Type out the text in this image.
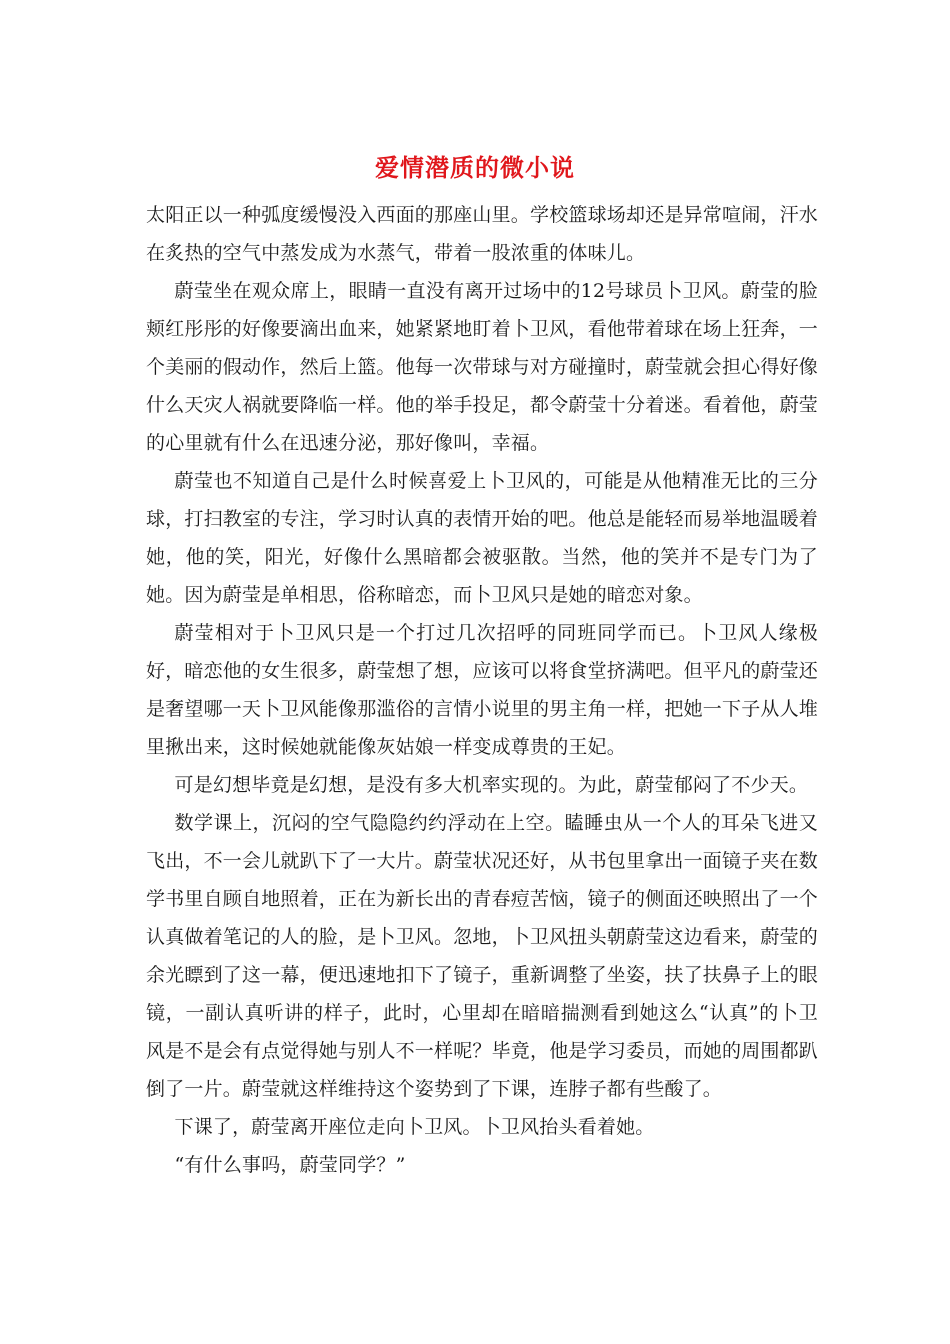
爱情潜质的微小说

太阳正以一种弧度缓慢没入西面的那座山里。学校篮球场却还是异常喧闹，汗水在炙热的空气中蒸发成为水蒸气，带着一股浓重的体味儿。

蔚莹坐在观众席上，眼睛一直没有离开过场中的12号球员卜卫风。蔚莹的脸颊红彤彤的好像要滴出血来，她紧紧地盯着卜卫风，看他带着球在场上狂奔，一个美丽的假动作，然后上篮。他每一次带球与对方碰撞时，蔚莹就会担心得好像什么天灾人祸就要降临一样。他的举手投足，都令蔚莹十分着迷。看着他，蔚莹的心里就有什么在迅速分泌，那好像叫，幸福。

蔚莹也不知道自己是什么时候喜爱上卜卫风的，可能是从他精准无比的三分球，打扫教室的专注，学习时认真的表情开始的吧。他总是能轻而易举地温暖着她，他的笑，阳光，好像什么黑暗都会被驱散。当然，他的笑并不是专门为了她。因为蔚莹是单相思，俗称暗恋，而卜卫风只是她的暗恋对象。

蔚莹相对于卜卫风只是一个打过几次招呼的同班同学而已。卜卫风人缘极好，暗恋他的女生很多，蔚莹想了想，应该可以将食堂挤满吧。但平凡的蔚莹还是奢望哪一天卜卫风能像那滥俗的言情小说里的男主角一样，把她一下子从人堆里揪出来，这时候她就能像灰姑娘一样变成尊贵的王妃。

可是幻想毕竟是幻想，是没有多大机率实现的。为此，蔚莹郁闷了不少天。

数学课上，沉闷的空气隐隐约约浮动在上空。瞌睡虫从一个人的耳朵飞进又飞出，不一会儿就趴下了一大片。蔚莹状况还好，从书包里拿出一面镜子夹在数学书里自顾自地照着，正在为新长出的青春痘苦恼，镜子的侧面还映照出了一个认真做着笔记的人的脸，是卜卫风。忽地，卜卫风扭头朝蔚莹这边看来，蔚莹的余光瞟到了这一幕，便迅速地扣下了镜子，重新调整了坐姿，扶了扶鼻子上的眼镜，一副认真听讲的样子，此时，心里却在暗暗揣测看到她这么“认真”的卜卫风是不是会有点觉得她与别人不一样呢？毕竟，他是学习委员，而她的周围都趴倒了一片。蔚莹就这样维持这个姿势到了下课，连脖子都有些酸了。

下课了，蔚莹离开座位走向卜卫风。卜卫风抬头看着她。

“有什么事吗，蔚莹同学？”
